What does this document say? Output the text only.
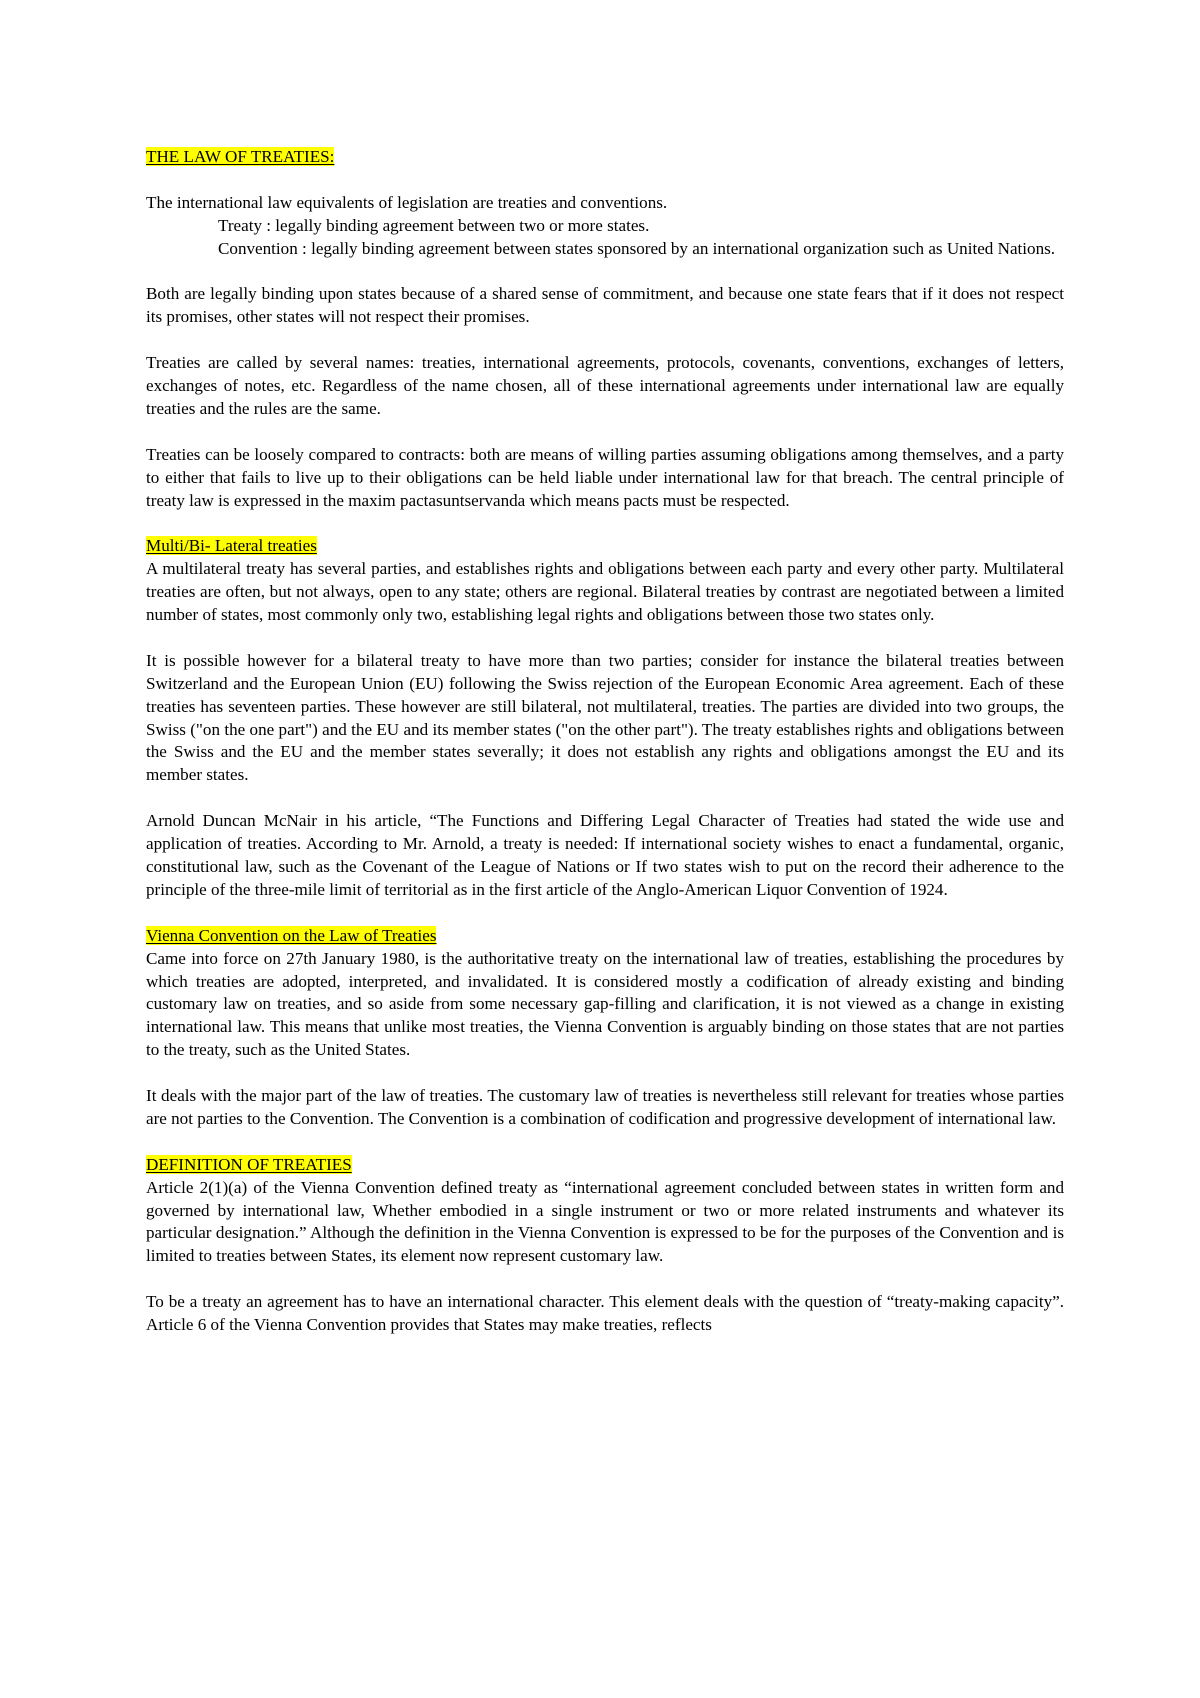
THE LAW OF TREATIES:

The international law equivalents of legislation are treaties and conventions.

Treaty : legally binding agreement between two or more states.

Convention : legally binding agreement between states sponsored by an international organization such as United Nations.

Both are legally binding upon states because of a shared sense of commitment, and because one state fears that if it does not respect its promises, other states will not respect their promises.

Treaties are called by several names: treaties, international agreements, protocols, covenants, conventions, exchanges of letters, exchanges of notes, etc. Regardless of the name chosen, all of these international agreements under international law are equally treaties and the rules are the same.

Treaties can be loosely compared to contracts: both are means of willing parties assuming obligations among themselves, and a party to either that fails to live up to their obligations can be held liable under international law for that breach. The central principle of treaty law is expressed in the maxim pactasuntservanda which means pacts must be respected.

Multi/Bi- Lateral treaties

A multilateral treaty has several parties, and establishes rights and obligations between each party and every other party. Multilateral treaties are often, but not always, open to any state; others are regional. Bilateral treaties by contrast are negotiated between a limited number of states, most commonly only two, establishing legal rights and obligations between those two states only.

It is possible however for a bilateral treaty to have more than two parties; consider for instance the bilateral treaties between Switzerland and the European Union (EU) following the Swiss rejection of the European Economic Area agreement. Each of these treaties has seventeen parties. These however are still bilateral, not multilateral, treaties. The parties are divided into two groups, the Swiss ("on the one part") and the EU and its member states ("on the other part"). The treaty establishes rights and obligations between the Swiss and the EU and the member states severally; it does not establish any rights and obligations amongst the EU and its member states.

Arnold Duncan McNair in his article, “The Functions and Differing Legal Character of Treaties had stated the wide use and application of treaties. According to Mr. Arnold, a treaty is needed: If international society wishes to enact a fundamental, organic, constitutional law, such as the Covenant of the League of Nations or If two states wish to put on the record their adherence to the principle of the three-mile limit of territorial as in the first article of the Anglo-American Liquor Convention of 1924.

Vienna Convention on the Law of Treaties

Came into force on 27th January 1980, is the authoritative treaty on the international law of treaties, establishing the procedures by which treaties are adopted, interpreted, and invalidated. It is considered mostly a codification of already existing and binding customary law on treaties, and so aside from some necessary gap-filling and clarification, it is not viewed as a change in existing international law. This means that unlike most treaties, the Vienna Convention is arguably binding on those states that are not parties to the treaty, such as the United States.

It deals with the major part of the law of treaties. The customary law of treaties is nevertheless still relevant for treaties whose parties are not parties to the Convention. The Convention is a combination of codification and progressive development of international law.

DEFINITION OF TREATIES

Article 2(1)(a) of the Vienna Convention defined treaty as “international agreement concluded between states in written form and governed by international law, Whether embodied in a single instrument or two or more related instruments and whatever its particular designation.” Although the definition in the Vienna Convention is expressed to be for the purposes of the Convention and is limited to treaties between States, its element now represent customary law.

To be a treaty an agreement has to have an international character. This element deals with the question of “treaty-making capacity”. Article 6 of the Vienna Convention provides that States may make treaties, reflects
